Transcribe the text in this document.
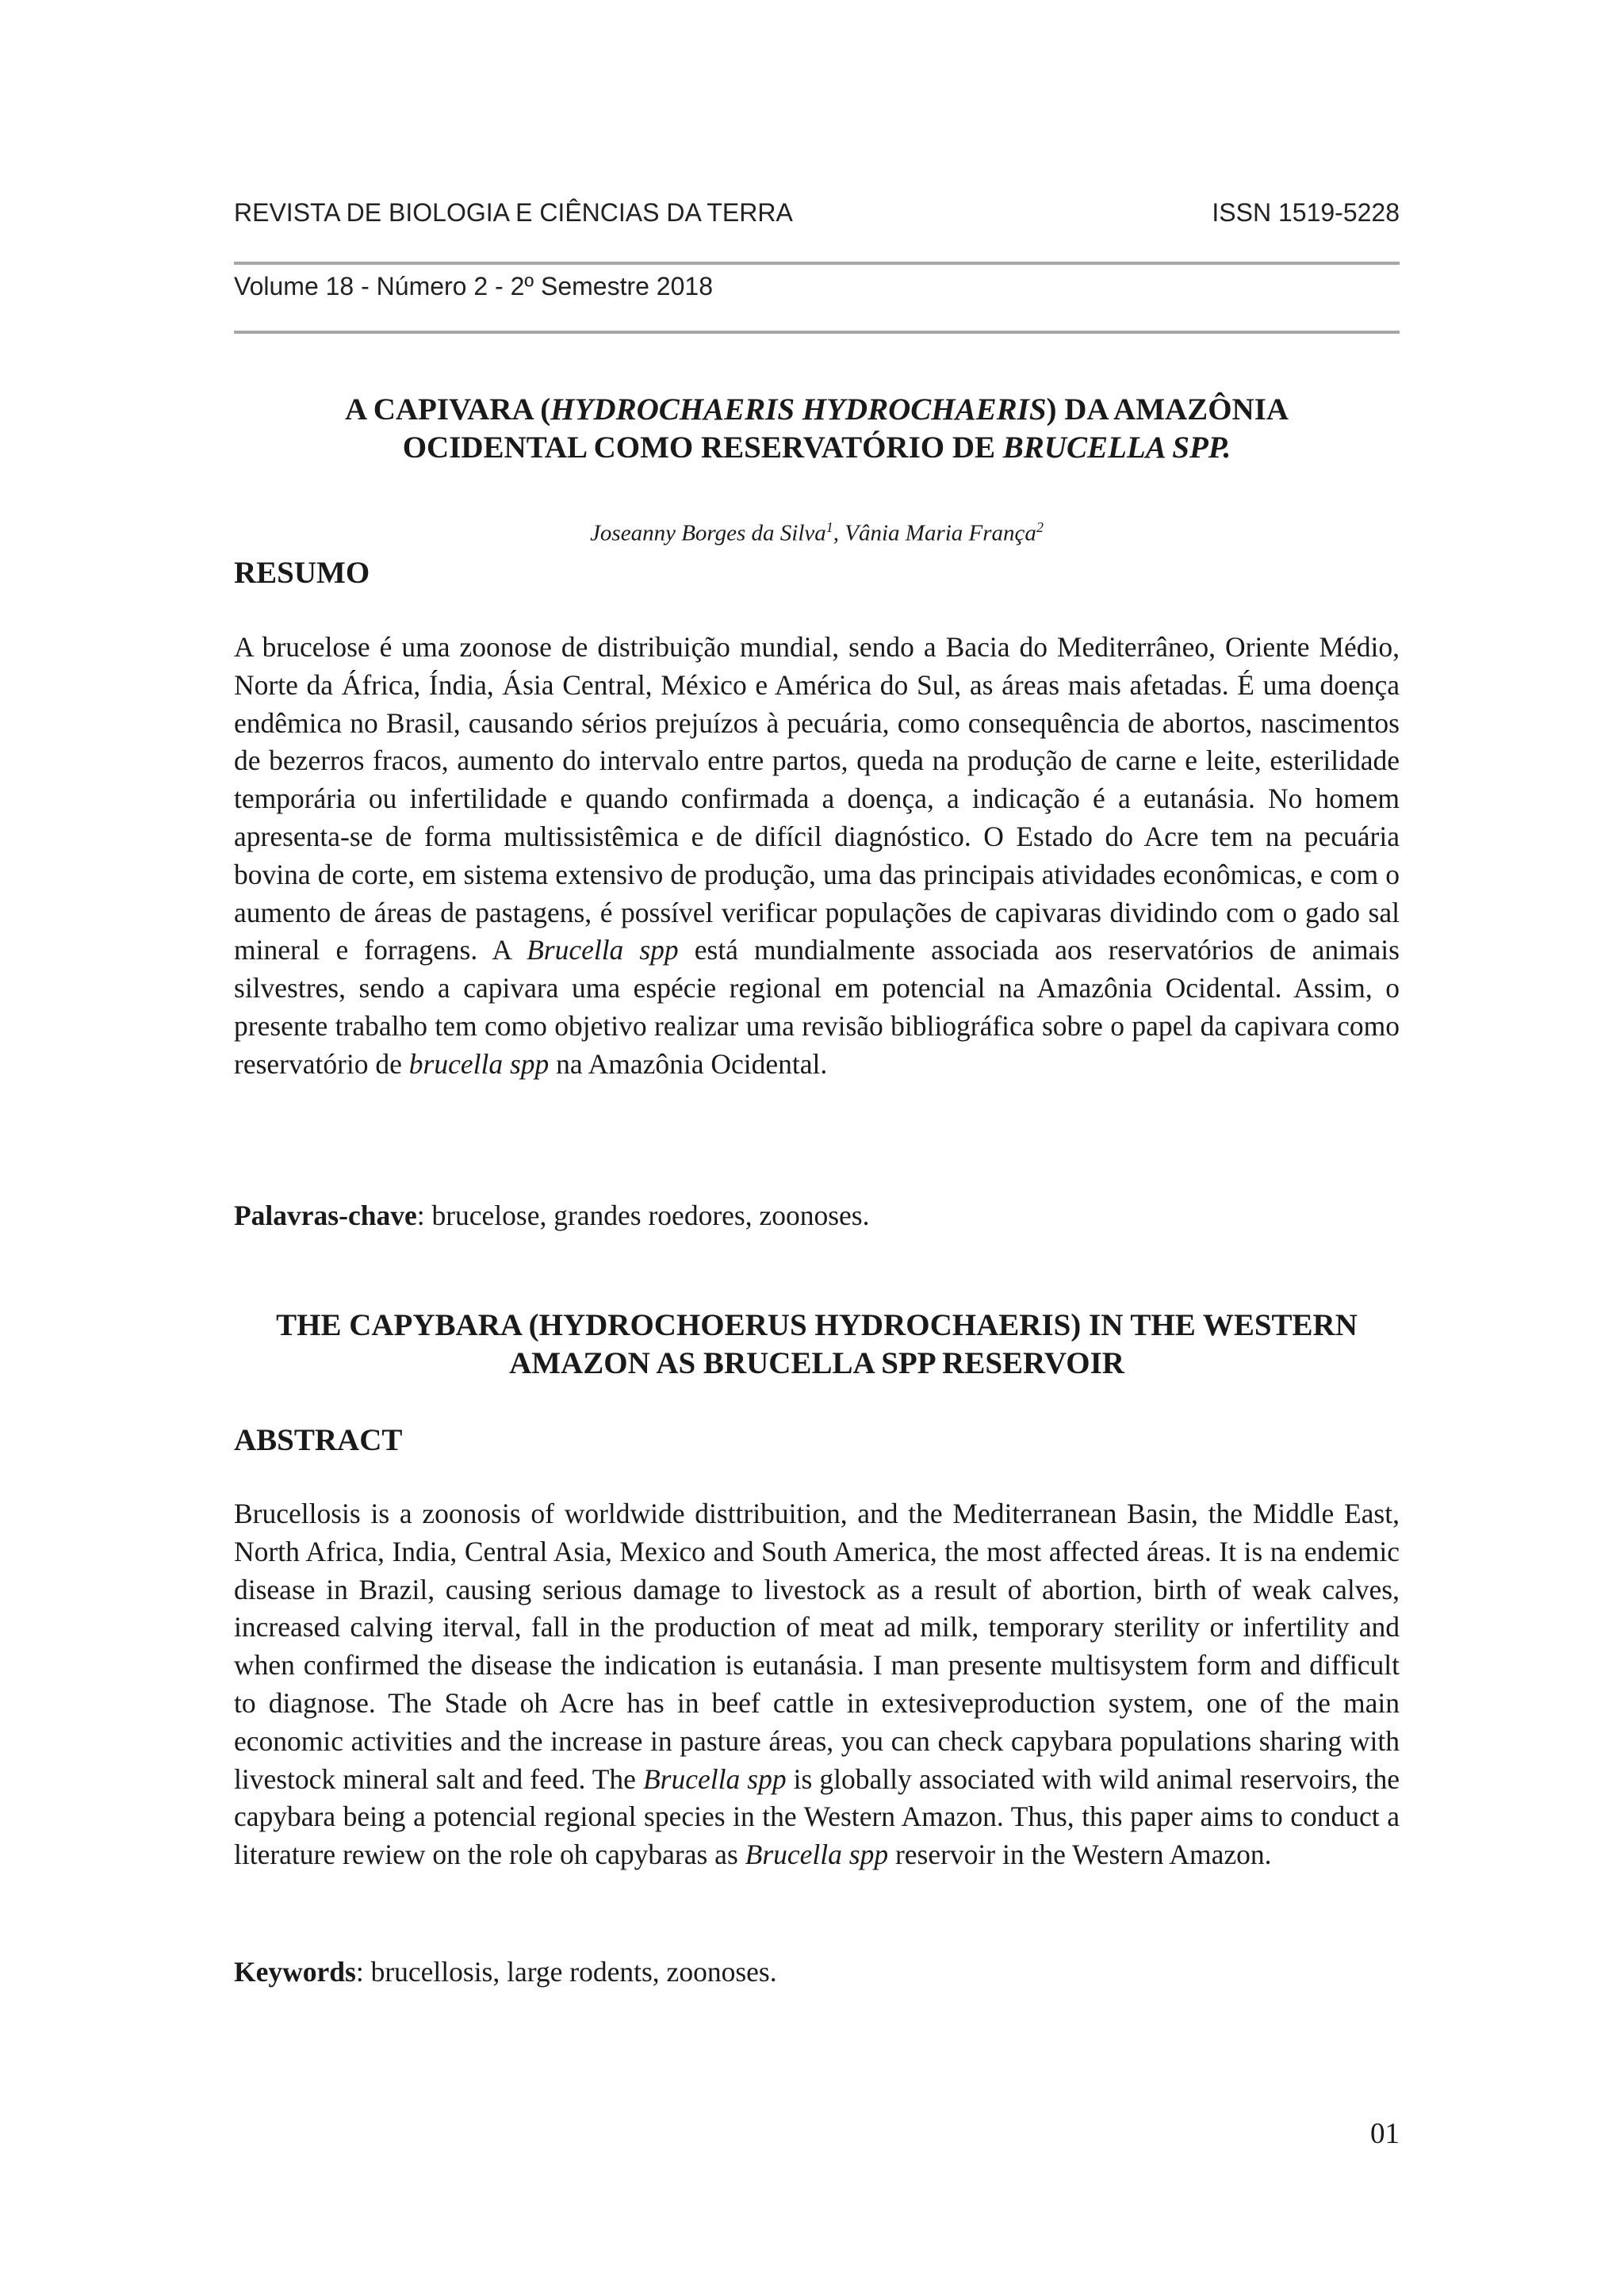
REVISTA DE BIOLOGIA E CIÊNCIAS DA TERRA	ISSN 1519-5228
Volume 18 - Número 2 - 2º Semestre 2018
A CAPIVARA (HYDROCHAERIS HYDROCHAERIS) DA AMAZÔNIA
OCIDENTAL COMO RESERVATÓRIO DE BRUCELLA SPP.
Joseanny Borges da Silva$^1$, Vânia Maria França$^2$
RESUMO
A brucelose é uma zoonose de distribuição mundial, sendo a Bacia do Mediterrâneo, Oriente Médio, Norte da África, Índia, Ásia Central, México e América do Sul, as áreas mais afetadas. É uma doença endêmica no Brasil, causando sérios prejuízos à pecuária, como consequência de abortos, nascimentos de bezerros fracos, aumento do intervalo entre partos, queda na produção de carne e leite, esterilidade temporária ou infertilidade e quando confirmada a doença, a indicação é a eutanásia. No homem apresenta-se de forma multissistêmica e de difícil diagnóstico. O Estado do Acre tem na pecuária bovina de corte, em sistema extensivo de produção, uma das principais atividades econômicas, e com o aumento de áreas de pastagens, é possível verificar populações de capivaras dividindo com o gado sal mineral e forragens. A Brucella spp está mundialmente associada aos reservatórios de animais silvestres, sendo a capivara uma espécie regional em potencial na Amazônia Ocidental. Assim, o presente trabalho tem como objetivo realizar uma revisão bibliográfica sobre o papel da capivara como reservatório de brucella spp na Amazônia Ocidental.
Palavras-chave: brucelose, grandes roedores, zoonoses.
THE CAPYBARA (HYDROCHOERUS HYDROCHAERIS) IN THE WESTERN
AMAZON AS BRUCELLA SPP RESERVOIR
ABSTRACT
Brucellosis is a zoonosis of worldwide disttribuition, and the Mediterranean Basin, the Middle East, North Africa, India, Central Asia, Mexico and South America, the most affected áreas. It is na endemic disease in Brazil, causing serious damage to livestock as a result of abortion, birth of weak calves, increased calving iterval, fall in the production of meat ad milk, temporary sterility or infertility and when confirmed the disease the indication is eutanásia. I man presente multisystem form and difficult to diagnose. The Stade oh Acre has in beef cattle in extesiveproduction system, one of the main economic activities and the increase in pasture áreas, you can check capybara populations sharing with livestock mineral salt and feed. The Brucella spp is globally associated with wild animal reservoirs, the capybara being a potencial regional species in the Western Amazon. Thus, this paper aims to conduct a literature rewiew on the role oh capybaras as Brucella spp reservoir in the Western Amazon.
Keywords: brucellosis, large rodents, zoonoses.
01
